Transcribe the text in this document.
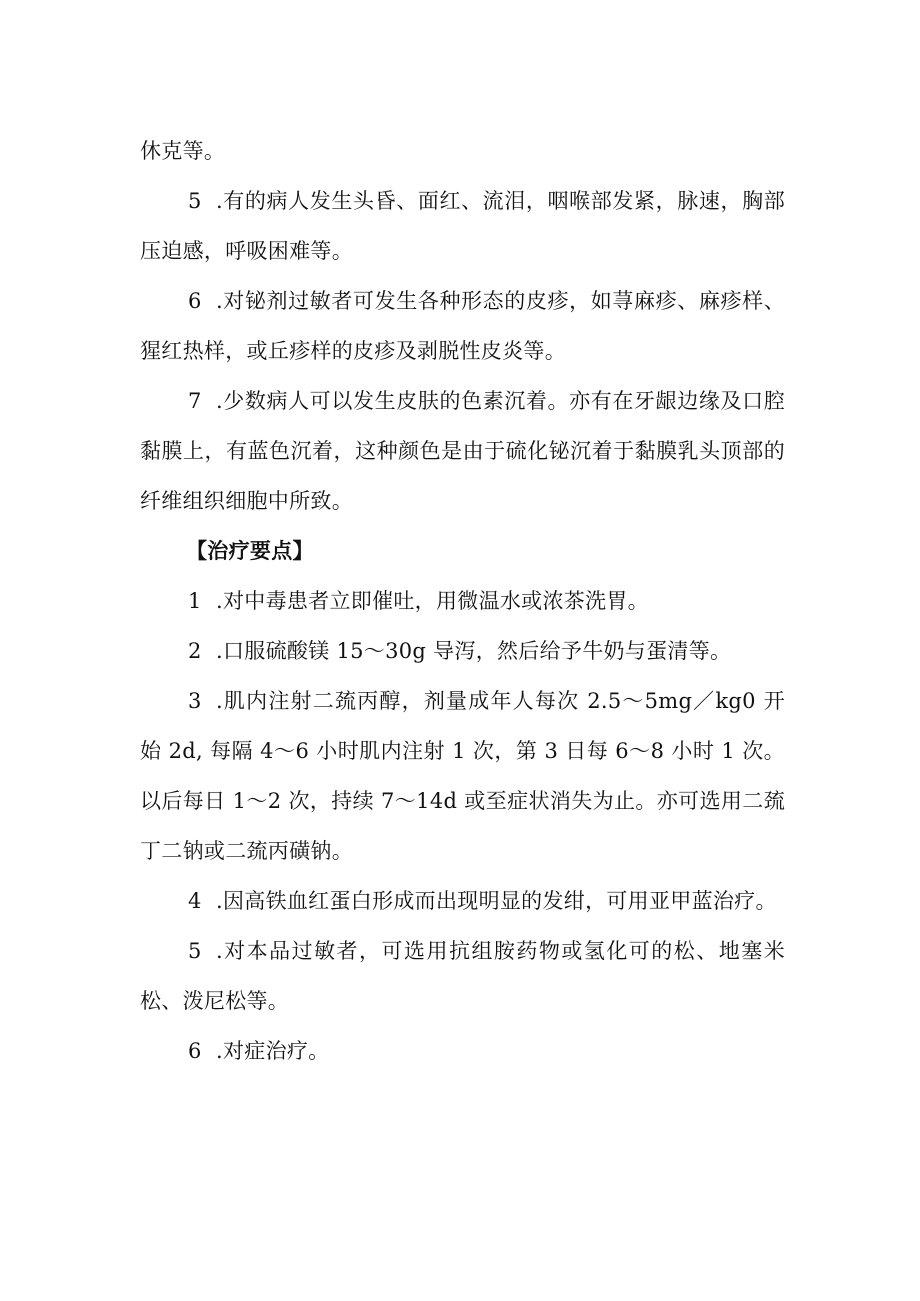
休克等。

5 .有的病人发生头昏、面红、流泪，咽喉部发紧，脉速，胸部压迫感，呼吸困难等。

6 .对铋剂过敏者可发生各种形态的皮疹，如荨麻疹、麻疹样、猩红热样，或丘疹样的皮疹及剥脱性皮炎等。

7 .少数病人可以发生皮肤的色素沉着。亦有在牙龈边缘及口腔黏膜上，有蓝色沉着，这种颜色是由于硫化铋沉着于黏膜乳头顶部的纤维组织细胞中所致。

【治疗要点】

1 .对中毒患者立即催吐，用微温水或浓茶洗胃。

2 .口服硫酸镁 15～30g 导泻，然后给予牛奶与蛋清等。

3 .肌内注射二巯丙醇，剂量成年人每次 2.5～5mg／kg0 开始 2d, 每隔 4～6 小时肌内注射 1 次，第 3 日每 6～8 小时 1 次。以后每日 1～2 次，持续 7～14d 或至症状消失为止。亦可选用二巯丁二钠或二巯丙磺钠。

4 .因高铁血红蛋白形成而出现明显的发绀，可用亚甲蓝治疗。

5 .对本品过敏者，可选用抗组胺药物或氢化可的松、地塞米松、泼尼松等。

6 .对症治疗。
